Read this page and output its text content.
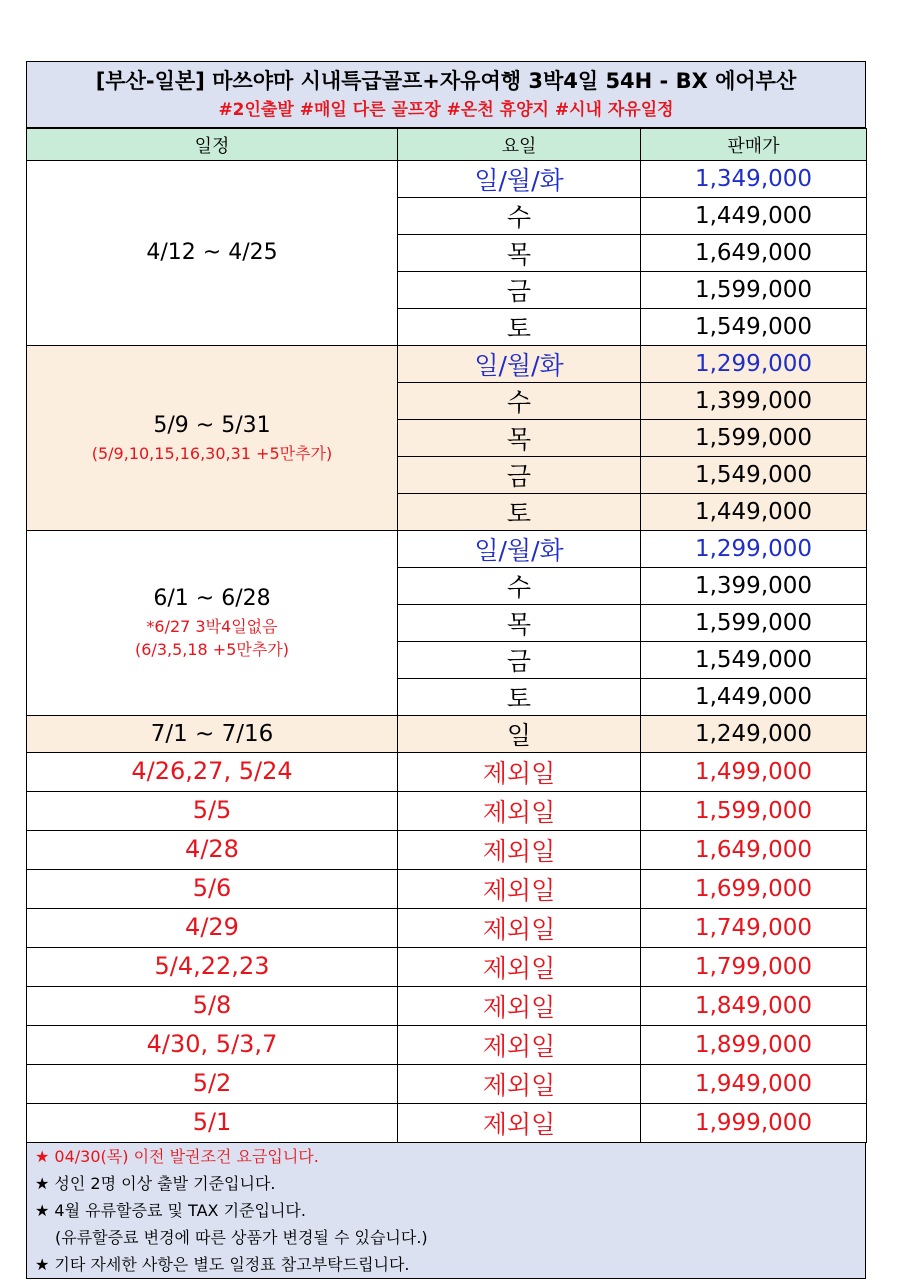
[부산-일본] 마쓰야마 시내특급골프+자유여행 3박4일 54H - BX 에어부산
#2인출발 #매일 다른 골프장 #온천 휴양지 #시내 자유일정
일정	요일	판매가
4/12 ~ 4/25	일/월/화	1,349,000
	수	1,449,000
	목	1,649,000
	금	1,599,000
	토	1,549,000
5/9 ~ 5/31
(5/9,10,15,16,30,31 +5만추가)	일/월/화	1,299,000
	수	1,399,000
	목	1,599,000
	금	1,549,000
	토	1,449,000
6/1 ~ 6/28
*6/27 3박4일없음
(6/3,5,18 +5만추가)	일/월/화	1,299,000
	수	1,399,000
	목	1,599,000
	금	1,549,000
	토	1,449,000
7/1 ~ 7/16	일	1,249,000
4/26,27, 5/24	제외일	1,499,000
5/5	제외일	1,599,000
4/28	제외일	1,649,000
5/6	제외일	1,699,000
4/29	제외일	1,749,000
5/4,22,23	제외일	1,799,000
5/8	제외일	1,849,000
4/30, 5/3,7	제외일	1,899,000
5/2	제외일	1,949,000
5/1	제외일	1,999,000
★ 04/30(목) 이전 발권조건 요금입니다.
★ 성인 2명 이상 출발 기준입니다.
★ 4월 유류할증료 및 TAX 기준입니다.
(유류할증료 변경에 따른 상품가 변경될 수 있습니다.)
★ 기타 자세한 사항은 별도 일정표 참고부탁드립니다.
